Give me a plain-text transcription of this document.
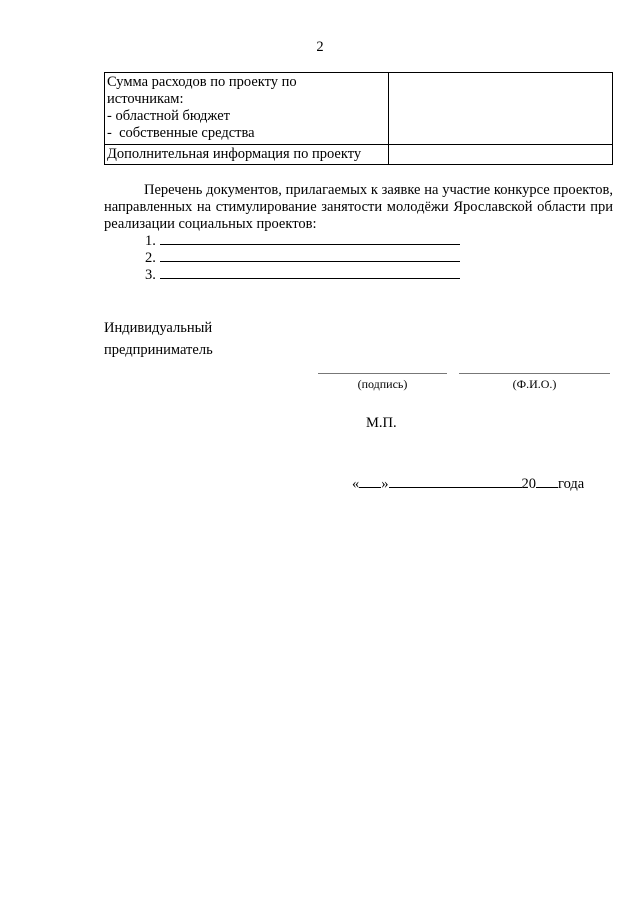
2
Сумма расходов по проекту по
источникам:
- областной бюджет
-  собственные средства	

Дополнительная информация по проекту	

Перечень документов, прилагаемых к заявке на участие конкурсе проектов, направленных на стимулирование занятости молодёжи Ярославской области при реализации социальных проектов:
1.
2.
3.
Индивидуальный
предприниматель
(подпись)	(Ф.И.О.)
М.П.
« »	20 года
